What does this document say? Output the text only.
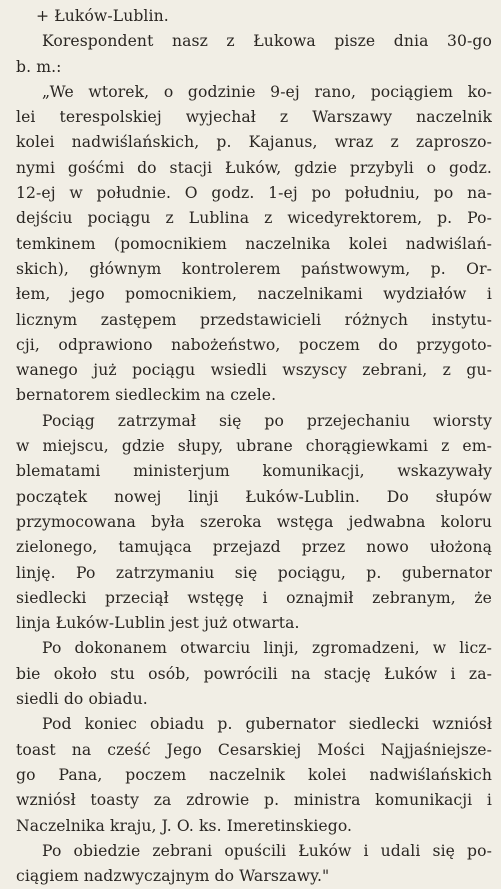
+ Łuków-Lublin.
Korespondent nasz z Łukowa pisze dnia 30-go
b. m.:
„We wtorek, o godzinie 9-ej rano, pociągiem ko-
lei terespolskiej wyjechał z Warszawy naczelnik
kolei nadwiślańskich, p. Kajanus, wraz z zaproszo-
nymi gośćmi do stacji Łuków, gdzie przybyli o godz.
12-ej w południe. O godz. 1-ej po południu, po na-
dejściu pociągu z Lublina z wicedyrektorem, p. Po-
temkinem (pomocnikiem naczelnika kolei nadwiślań-
skich), głównym kontrolerem państwowym, p. Or-
łem, jego pomocnikiem, naczelnikami wydziałów i
licznym zastępem przedstawicieli różnych instytu-
cji, odprawiono nabożeństwo, poczem do przygoto-
wanego już pociągu wsiedli wszyscy zebrani, z gu-
bernatorem siedleckim na czele.
Pociąg zatrzymał się po przejechaniu wiorsty
w miejscu, gdzie słupy, ubrane chorągiewkami z em-
blematami ministerjum komunikacji, wskazywały
początek nowej linji Łuków-Lublin. Do słupów
przymocowana była szeroka wstęga jedwabna koloru
zielonego, tamująca przejazd przez nowo ułożoną
linję. Po zatrzymaniu się pociągu, p. gubernator
siedlecki przeciął wstęgę i oznajmił zebranym, że
linja Łuków-Lublin jest już otwarta.
Po dokonanem otwarciu linji, zgromadzeni, w licz-
bie około stu osób, powrócili na stację Łuków i za-
siedli do obiadu.
Pod koniec obiadu p. gubernator siedlecki wzniósł
toast na cześć Jego Cesarskiej Mości Najjaśniejsze-
go Pana, poczem naczelnik kolei nadwiślańskich
wzniósł toasty za zdrowie p. ministra komunikacji i
Naczelnika kraju, J. O. ks. Imeretinskiego.
Po obiedzie zebrani opuścili Łuków i udali się po-
ciągiem nadzwyczajnym do Warszawy."
